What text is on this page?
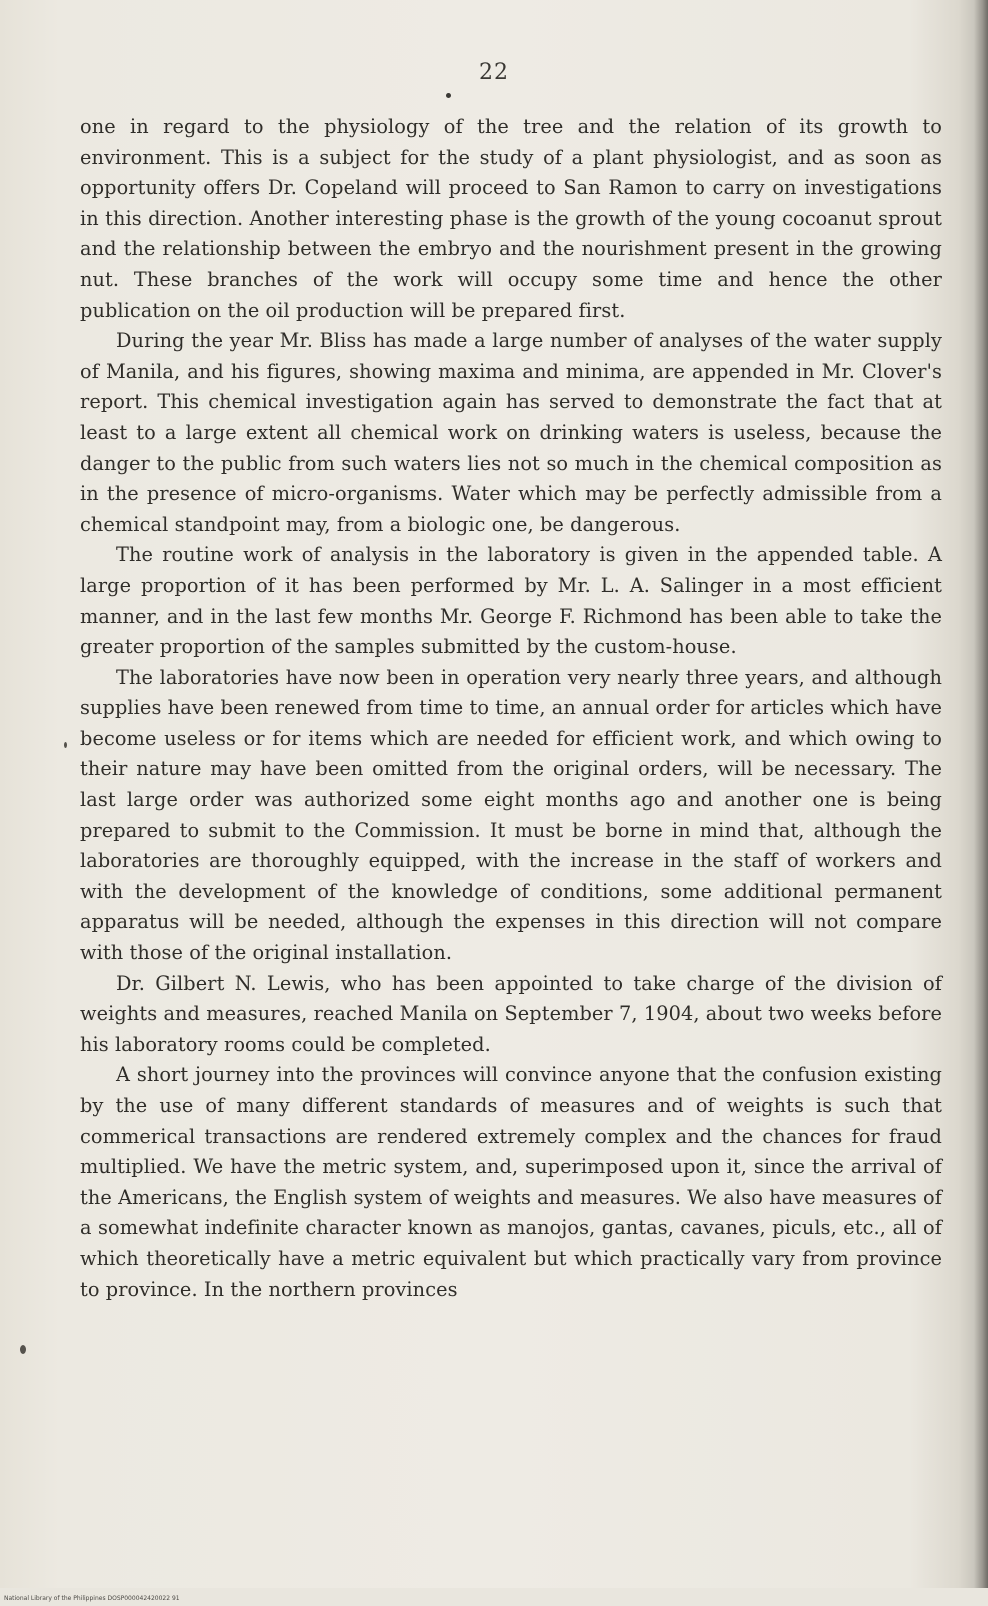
22

one in regard to the physiology of the tree and the relation of its growth to environment. This is a subject for the study of a plant physiologist, and as soon as opportunity offers Dr. Copeland will proceed to San Ramon to carry on investigations in this direction. Another interesting phase is the growth of the young cocoanut sprout and the relationship between the embryo and the nourishment present in the growing nut. These branches of the work will occupy some time and hence the other publication on the oil production will be prepared first.

During the year Mr. Bliss has made a large number of analyses of the water supply of Manila, and his figures, showing maxima and minima, are appended in Mr. Clover's report. This chemical investigation again has served to demonstrate the fact that at least to a large extent all chemical work on drinking waters is useless, because the danger to the public from such waters lies not so much in the chemical composition as in the presence of micro-organisms. Water which may be perfectly admissible from a chemical standpoint may, from a biologic one, be dangerous.

The routine work of analysis in the laboratory is given in the appended table. A large proportion of it has been performed by Mr. L. A. Salinger in a most efficient manner, and in the last few months Mr. George F. Richmond has been able to take the greater proportion of the samples submitted by the custom-house.

The laboratories have now been in operation very nearly three years, and although supplies have been renewed from time to time, an annual order for articles which have become useless or for items which are needed for efficient work, and which owing to their nature may have been omitted from the original orders, will be necessary. The last large order was authorized some eight months ago and another one is being prepared to submit to the Commission. It must be borne in mind that, although the laboratories are thoroughly equipped, with the increase in the staff of workers and with the development of the knowledge of conditions, some additional permanent apparatus will be needed, although the expenses in this direction will not compare with those of the original installation.

Dr. Gilbert N. Lewis, who has been appointed to take charge of the division of weights and measures, reached Manila on September 7, 1904, about two weeks before his laboratory rooms could be completed.

A short journey into the provinces will convince anyone that the confusion existing by the use of many different standards of measures and of weights is such that commerical transactions are rendered extremely complex and the chances for fraud multiplied. We have the metric system, and, superimposed upon it, since the arrival of the Americans, the English system of weights and measures. We also have measures of a somewhat indefinite character known as manojos, gantas, cavanes, piculs, etc., all of which theoretically have a metric equivalent but which practically vary from province to province. In the northern provinces

National Library of the Philippines DOSP000042420022 91
